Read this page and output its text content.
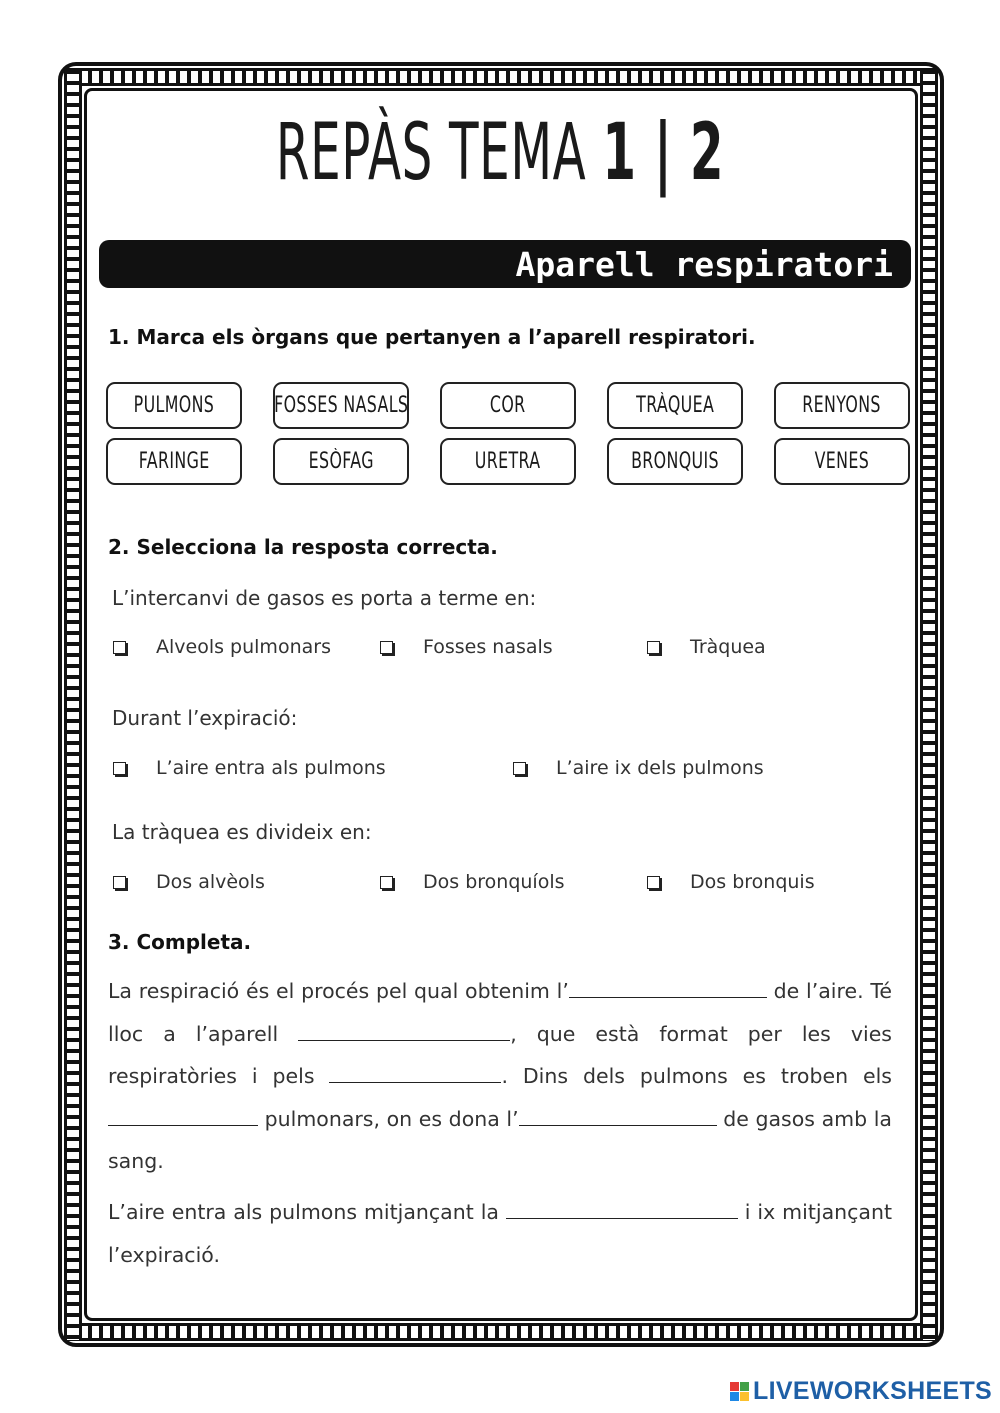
REPÀS TEMA 1 | 2
Aparell respiratori
1. Marca els òrgans que pertanyen a l’aparell respiratori.
PULMONS	FOSSES NASALS	COR	TRÀQUEA	RENYONS
FARINGE	ESÒFAG	URETRA	BRONQUIS	VENES
2. Selecciona la resposta correcta.
L’intercanvi de gasos es porta a terme en:
Alveols pulmonars	Fosses nasals	Tràquea
Durant l’expiració:
L’aire entra als pulmons	L’aire ix dels pulmons
La tràquea es divideix en:
Dos alvèols	Dos bronquíols	Dos bronquis
3. Completa.
La respiració és el procés pel qual obtenim l’	de l’aire. Té lloc a l’aparell	, que està format per les vies respiratòries i pels	. Dins dels pulmons es troben els  pulmonars, on es dona l’	de gasos amb la sang.
L’aire entra als pulmons mitjançant la	i ix mitjançant l’expiració.
LIVEWORKSHEETS
